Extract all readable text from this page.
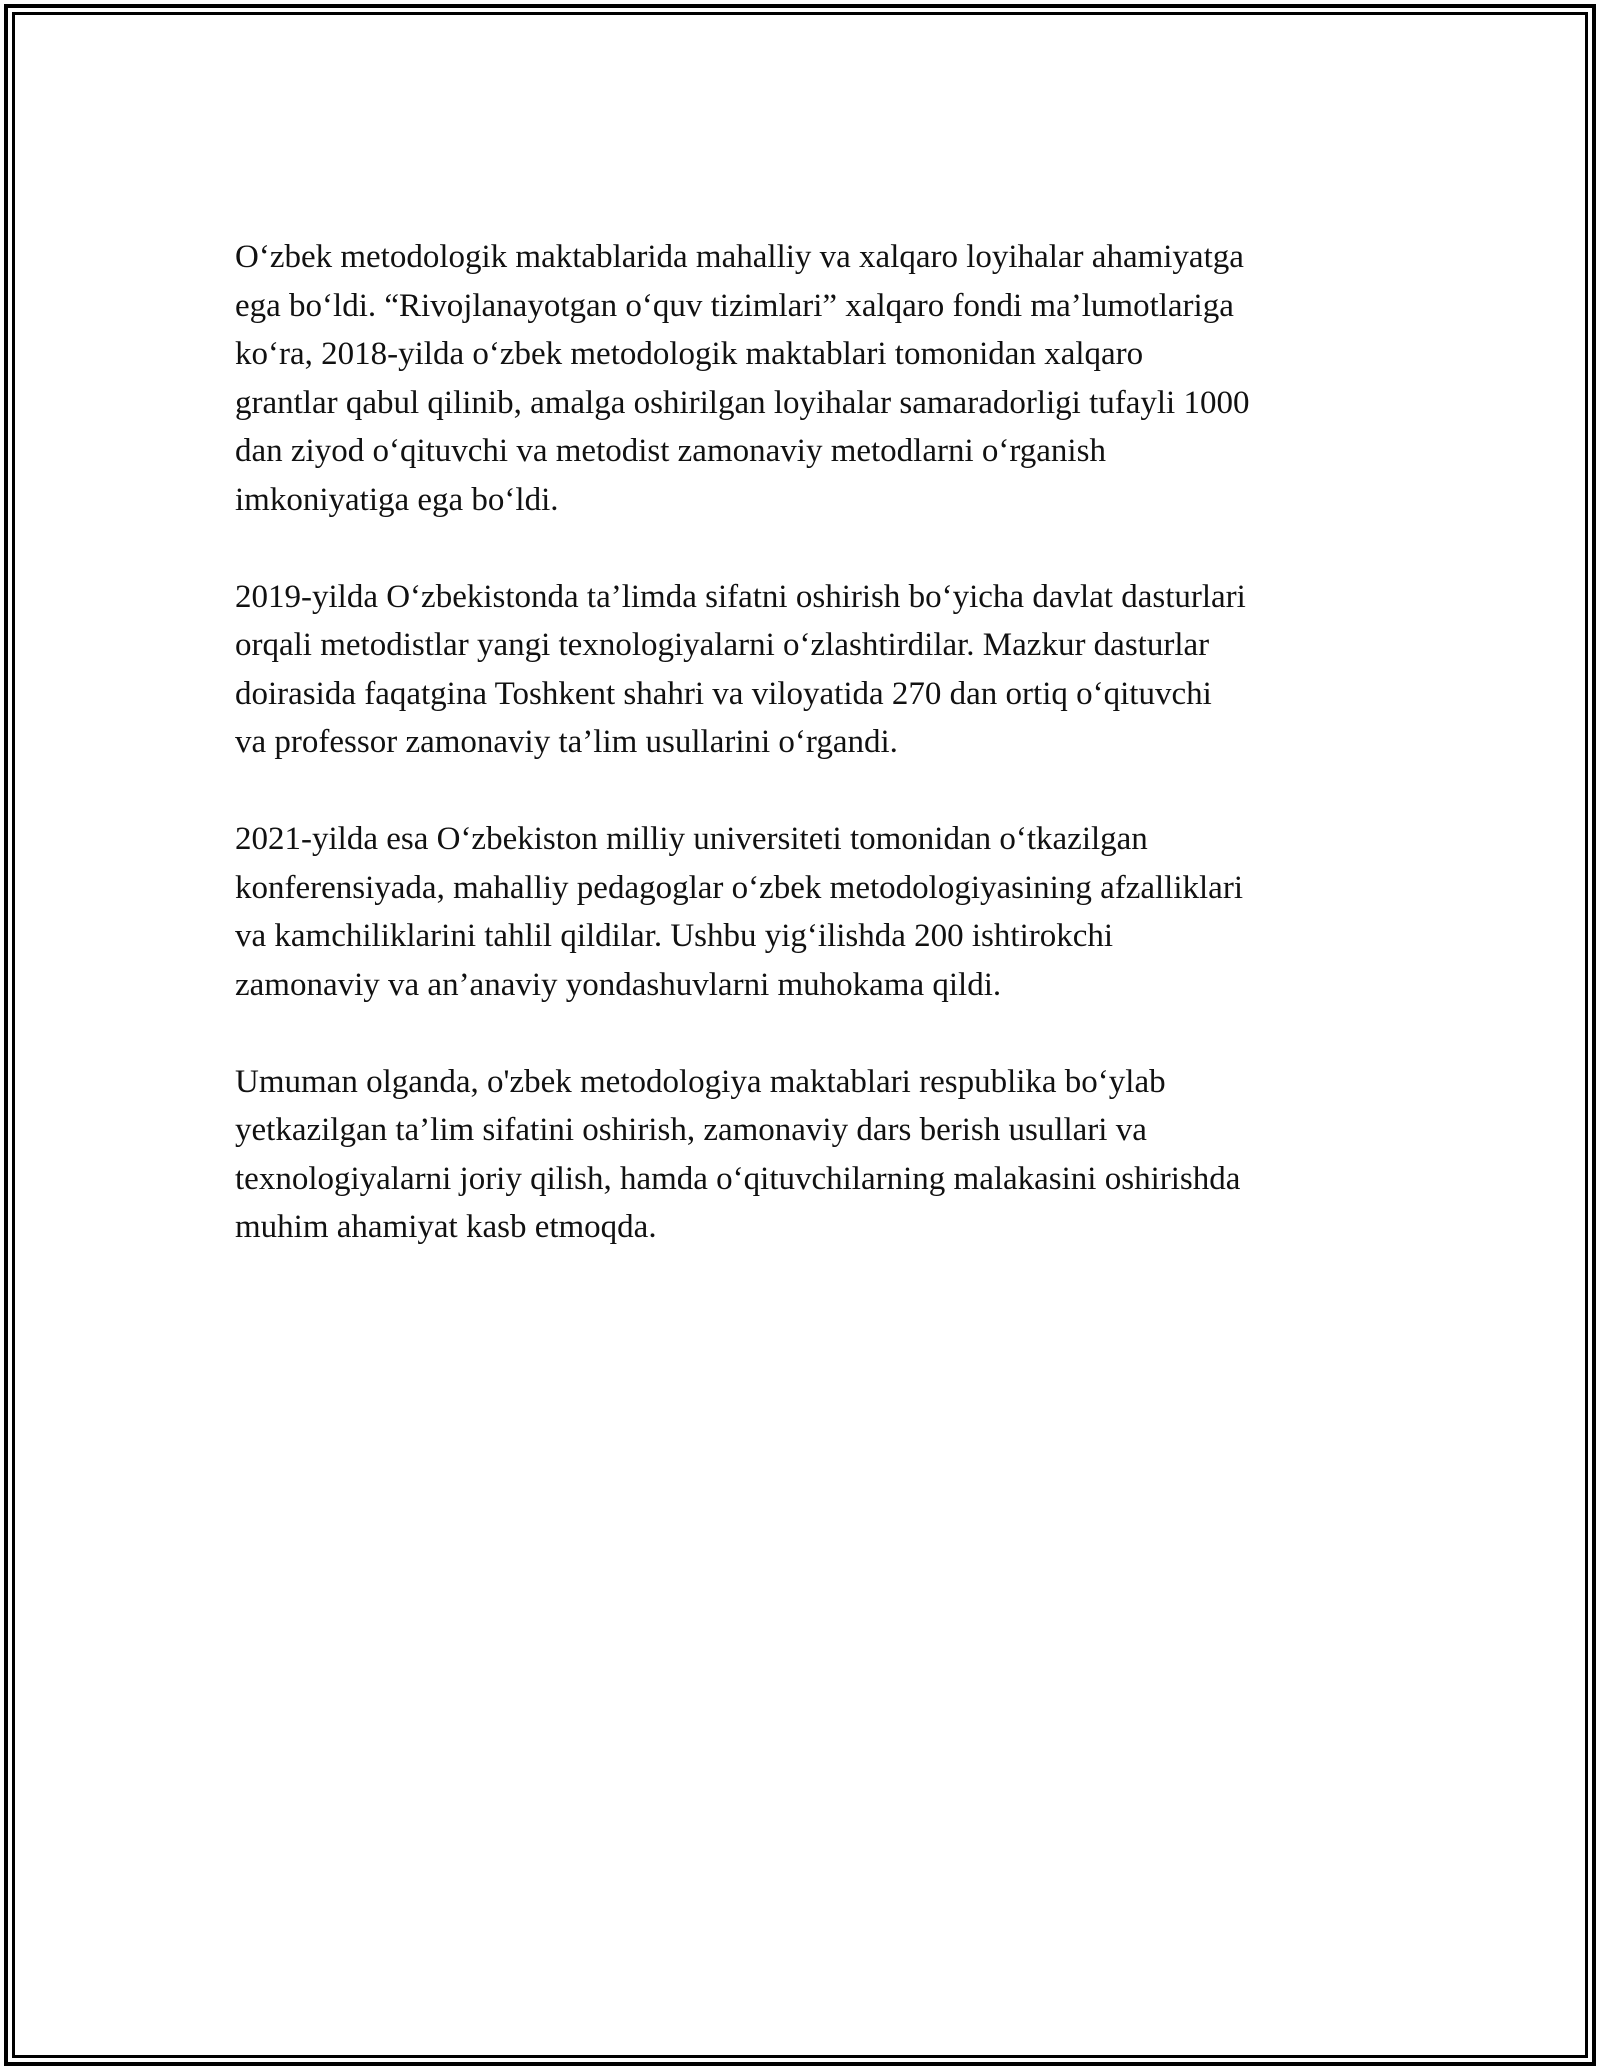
O‘zbek metodologik maktablarida mahalliy va xalqaro loyihalar ahamiyatga
ega bo‘ldi. “Rivojlanayotgan o‘quv tizimlari” xalqaro fondi ma’lumotlariga
ko‘ra, 2018-yilda o‘zbek metodologik maktablari tomonidan xalqaro
grantlar qabul qilinib, amalga oshirilgan loyihalar samaradorligi tufayli 1000
dan ziyod o‘qituvchi va metodist zamonaviy metodlarni o‘rganish
imkoniyatiga ega bo‘ldi.

2019-yilda O‘zbekistonda ta’limda sifatni oshirish bo‘yicha davlat dasturlari
orqali metodistlar yangi texnologiyalarni o‘zlashtirdilar. Mazkur dasturlar
doirasida faqatgina Toshkent shahri va viloyatida 270 dan ortiq o‘qituvchi
va professor zamonaviy ta’lim usullarini o‘rgandi.

2021-yilda esa O‘zbekiston milliy universiteti tomonidan o‘tkazilgan
konferensiyada, mahalliy pedagoglar o‘zbek metodologiyasining afzalliklari
va kamchiliklarini tahlil qildilar. Ushbu yig‘ilishda 200 ishtirokchi
zamonaviy va an’anaviy yondashuvlarni muhokama qildi.

Umuman olganda, o'zbek metodologiya maktablari respublika bo‘ylab
yetkazilgan ta’lim sifatini oshirish, zamonaviy dars berish usullari va
texnologiyalarni joriy qilish, hamda o‘qituvchilarning malakasini oshirishda
muhim ahamiyat kasb etmoqda.
